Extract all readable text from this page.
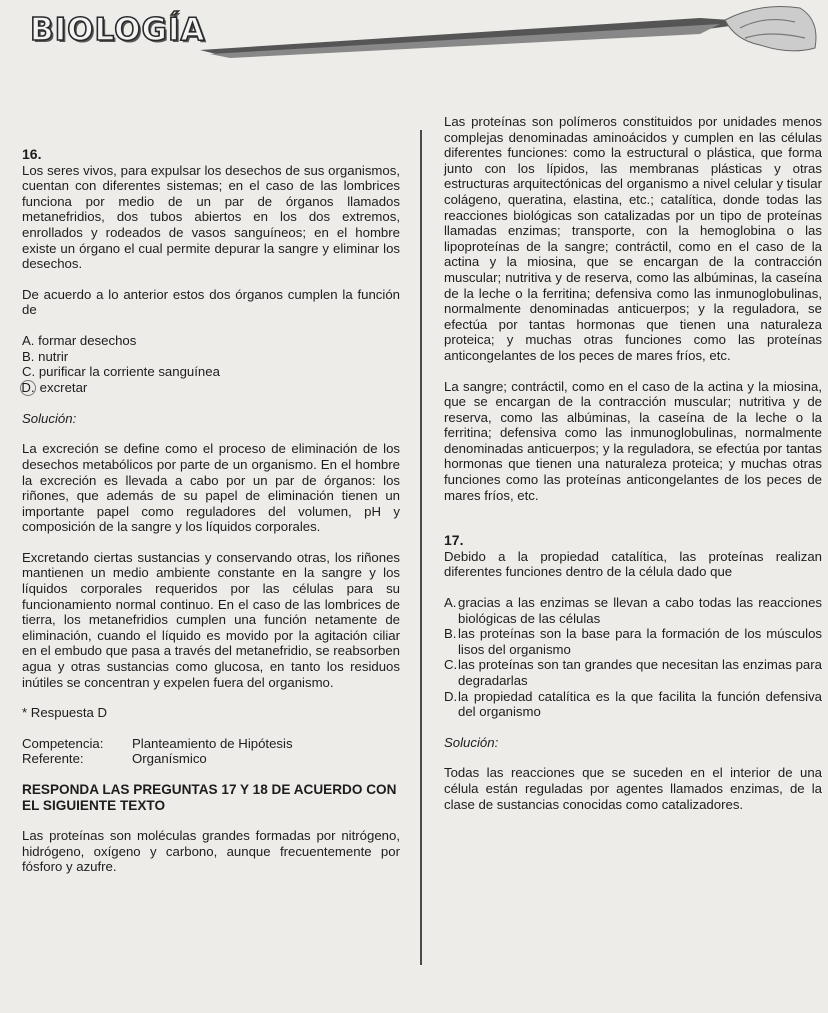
BIOLOGÍA
16.

Los seres vivos, para expulsar los desechos de sus organismos, cuentan con diferentes sistemas; en el caso de las lombrices funciona por medio de un par de órganos llamados metanefridios, dos tubos abiertos en los dos extremos, enrollados y rodeados de vasos sanguíneos; en el hombre existe un órgano el cual permite depurar la sangre y eliminar los desechos.

De acuerdo a lo anterior estos dos órganos cumplen la función de

A. formar desechos
B. nutrir
C. purificar la corriente sanguínea
D. excretar
Solución:

La excreción se define como el proceso de eliminación de los desechos metabólicos por parte de un organismo. En el hombre la excreción es llevada a cabo por un par de órganos: los riñones, que además de su papel de eliminación tienen un importante papel como reguladores del volumen, pH y composición de la sangre y los líquidos corporales.

Excretando ciertas sustancias y conservando otras, los riñones mantienen un medio ambiente constante en la sangre y los líquidos corporales requeridos por las células para su funcionamiento normal continuo. En el caso de las lombrices de tierra, los metanefridios cumplen una función netamente de eliminación, cuando el líquido es movido por la agitación ciliar en el embudo que pasa a través del metanefridio, se reabsorben agua y otras sustancias como glucosa, en tanto los residuos inútiles se concentran y expelen fuera del organismo.

* Respuesta D
Competencia:	Planteamiento de Hipótesis
Referente:	Organísmico
RESPONDA LAS PREGUNTAS 17 Y 18 DE ACUERDO CON EL SIGUIENTE TEXTO

Las proteínas son moléculas grandes formadas por nitrógeno, hidrógeno, oxígeno y carbono, aunque frecuentemente por fósforo y azufre.

Las proteínas son polímeros constituidos por unidades menos complejas denominadas aminoácidos y cumplen en las células diferentes funciones: como la estructural o plástica, que forma junto con los lípidos, las membranas plásticas y otras estructuras arquitectónicas del organismo a nivel celular y tisular colágeno, queratina, elastina, etc.; catalítica, donde todas las reacciones biológicas son catalizadas por un tipo de proteínas llamadas enzimas; transporte, con la hemoglobina o las lipoproteínas de la sangre; contráctil, como en el caso de la actina y la miosina, que se encargan de la contracción muscular; nutritiva y de reserva, como las albúminas, la caseína de la leche o la ferritina; defensiva como las inmunoglobulinas, normalmente denominadas anticuerpos; y la reguladora, se efectúa por tantas hormonas que tienen una naturaleza proteica; y muchas otras funciones como las proteínas anticongelantes de los peces de mares fríos, etc.

La sangre; contráctil, como en el caso de la actina y la miosina, que se encargan de la contracción muscular; nutritiva y de reserva, como las albúminas, la caseína de la leche o la ferritina; defensiva como las inmunoglobulinas, normalmente denominadas anticuerpos; y la reguladora, se efectúa por tantas hormonas que tienen una naturaleza proteica; y muchas otras funciones como las proteínas anticongelantes de los peces de mares fríos, etc.

17.

Debido a la propiedad catalítica, las proteínas realizan diferentes funciones dentro de la célula dado que

A. gracias a las enzimas se llevan a cabo todas las reacciones biológicas de las células
B. las proteínas son la base para la formación de los músculos lisos del organismo
C. las proteínas son tan grandes que necesitan las enzimas para degradarlas
D. la propiedad catalítica es la que facilita la función defensiva del organismo
Solución:

Todas las reacciones que se suceden en el interior de una célula están reguladas por agentes llamados enzimas, de la clase de sustancias conocidas como catalizadores.
